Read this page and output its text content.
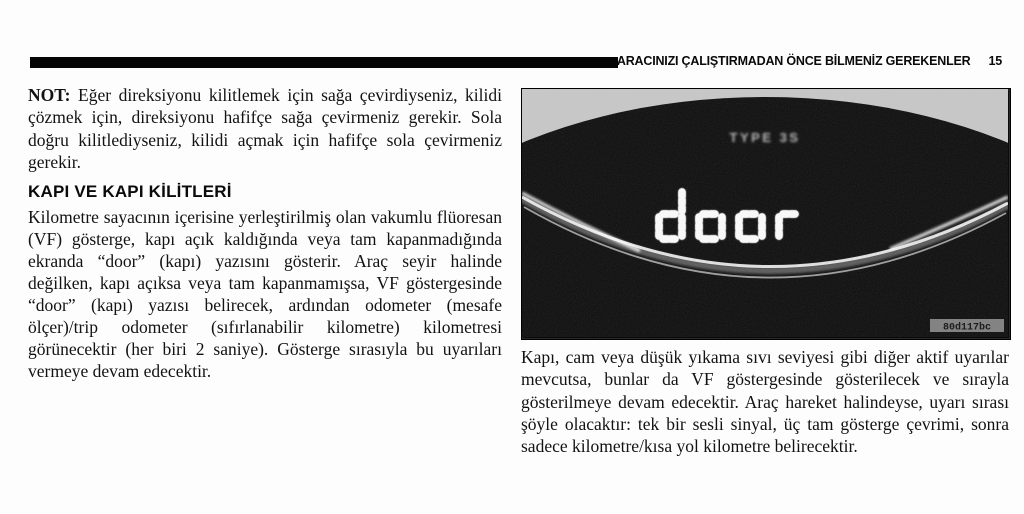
ARACINIZI ÇALIŞTIRMADAN ÖNCE BİLMENİZ GEREKENLER 15

NOT: Eğer direksiyonu kilitlemek için sağa çevirdiyseniz, kilidi çözmek için, direksiyonu hafifçe sağa çevirmeniz gerekir. Sola doğru kilitlediyseniz, kilidi açmak için hafifçe sola çevirmeniz gerekir.

KAPI VE KAPI KİLİTLERİ

Kilometre sayacının içerisine yerleştirilmiş olan vakumlu flüoresan (VF) gösterge, kapı açık kaldığında veya tam kapanmadığında ekranda “door” (kapı) yazısını gösterir. Araç seyir halinde değilken, kapı açıksa veya tam kapanmamışsa, VF göstergesinde “door” (kapı) yazısı belirecek, ardından odometer (mesafe ölçer)/trip odometer (sıfırlanabilir kilometre) kilometresi görünecektir (her biri 2 saniye). Gösterge sırasıyla bu uyarıları vermeye devam edecektir.

TYPE 3S
80d117bc

Kapı, cam veya düşük yıkama sıvı seviyesi gibi diğer aktif uyarılar mevcutsa, bunlar da VF göstergesinde gösterilecek ve sırayla gösterilmeye devam edecektir. Araç hareket halindeyse, uyarı sırası şöyle olacaktır: tek bir sesli sinyal, üç tam gösterge çevrimi, sonra sadece kilometre/kısa yol kilometre belirecektir.
